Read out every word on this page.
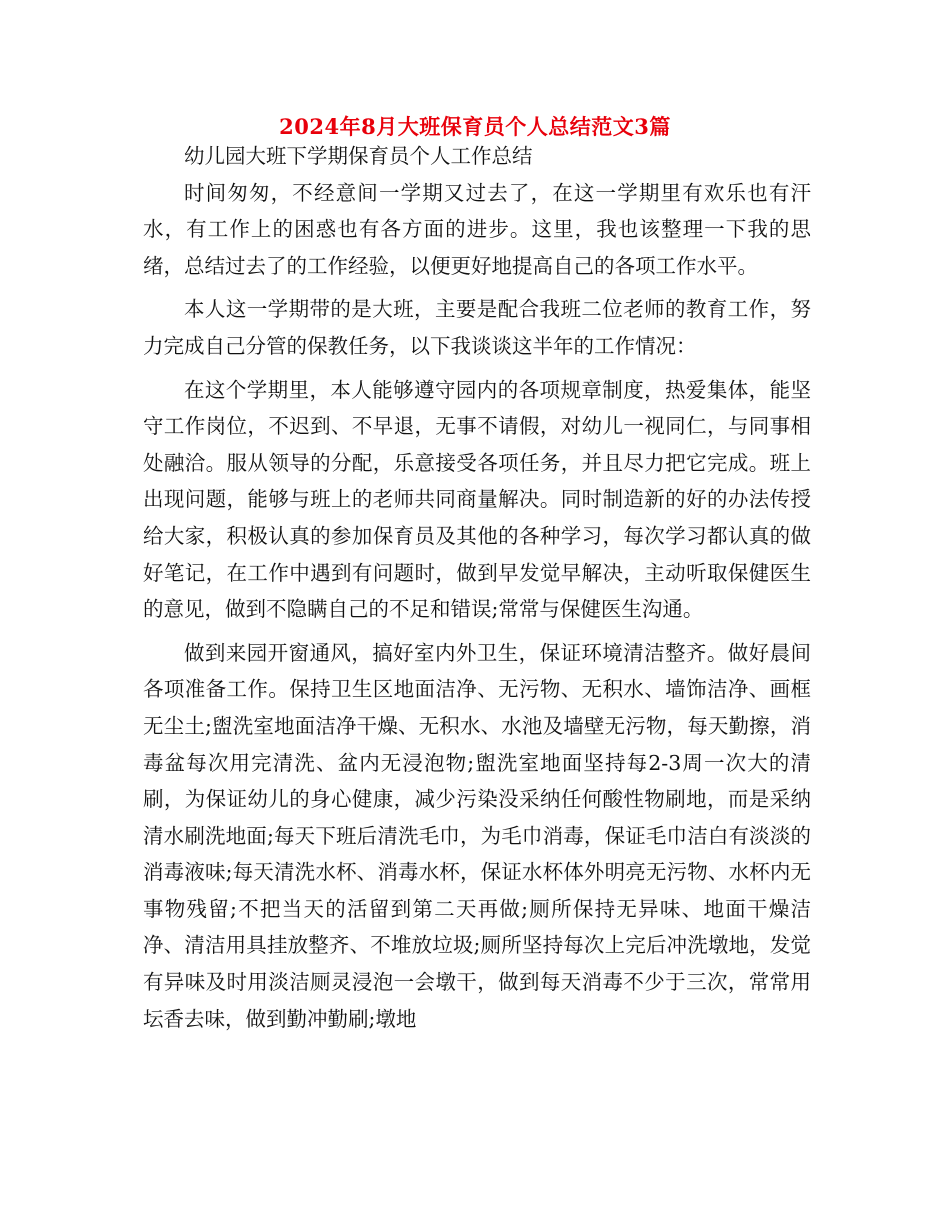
2024年8月大班保育员个人总结范文3篇

幼儿园大班下学期保育员个人工作总结

时间匆匆，不经意间一学期又过去了，在这一学期里有欢乐也有汗水，有工作上的困惑也有各方面的进步。这里，我也该整理一下我的思绪，总结过去了的工作经验，以便更好地提高自己的各项工作水平。

本人这一学期带的是大班，主要是配合我班二位老师的教育工作，努力完成自己分管的保教任务，以下我谈谈这半年的工作情况：

在这个学期里，本人能够遵守园内的各项规章制度，热爱集体，能坚守工作岗位，不迟到、不早退，无事不请假，对幼儿一视同仁，与同事相处融洽。服从领导的分配，乐意接受各项任务，并且尽力把它完成。班上出现问题，能够与班上的老师共同商量解决。同时制造新的好的办法传授给大家，积极认真的参加保育员及其他的各种学习，每次学习都认真的做好笔记，在工作中遇到有问题时，做到早发觉早解决，主动听取保健医生的意见，做到不隐瞒自己的不足和错误;常常与保健医生沟通。

做到来园开窗通风，搞好室内外卫生，保证环境清洁整齐。做好晨间各项准备工作。保持卫生区地面洁净、无污物、无积水、墙饰洁净、画框无尘土;盥洗室地面洁净干燥、无积水、水池及墙壁无污物，每天勤擦，消毒盆每次用完清洗、盆内无浸泡物;盥洗室地面坚持每2-3周一次大的清刷，为保证幼儿的身心健康，减少污染没采纳任何酸性物刷地，而是采纳清水刷洗地面;每天下班后清洗毛巾，为毛巾消毒，保证毛巾洁白有淡淡的消毒液味;每天清洗水杯、消毒水杯，保证水杯体外明亮无污物、水杯内无事物残留;不把当天的活留到第二天再做;厕所保持无异味、地面干燥洁净、清洁用具挂放整齐、不堆放垃圾;厕所坚持每次上完后冲洗墩地，发觉有异味及时用淡洁厕灵浸泡一会墩干，做到每天消毒不少于三次，常常用坛香去味，做到勤冲勤刷;墩地
